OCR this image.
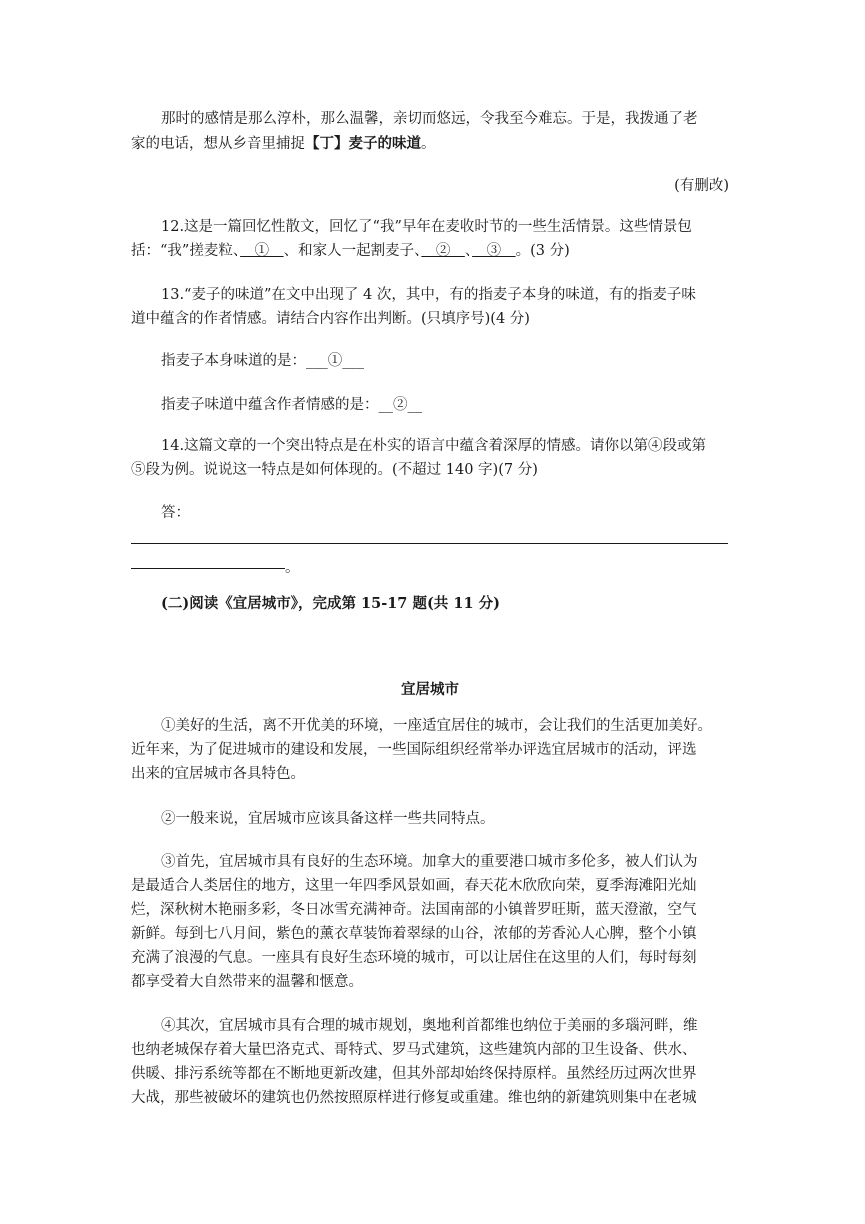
那时的感情是那么淳朴，那么温馨，亲切而悠远，令我至今难忘。于是，我拨通了老
家的电话，想从乡音里捕捉【丁】麦子的味道。
(有删改)
12.这是一篇回忆性散文，回忆了“我”早年在麦收时节的一些生活情景。这些情景包
括：“我”搓麦粒、　①　、和家人一起割麦子、　②　、　③　。(3 分)
13.“麦子的味道”在文中出现了 4 次，其中，有的指麦子本身的味道，有的指麦子味
道中蕴含的作者情感。请结合内容作出判断。(只填序号)(4 分)
指麦子本身味道的是：___①___
指麦子味道中蕴含作者情感的是：__②__
14.这篇文章的一个突出特点是在朴实的语言中蕴含着深厚的情感。请你以第④段或第
⑤段为例。说说这一特点是如何体现的。(不超过 140 字)(7 分)
答：
。
(二)阅读《宜居城市》，完成第 15-17 题(共 11 分)
宜居城市
①美好的生活，离不开优美的环境，一座适宜居住的城市，会让我们的生活更加美好。
近年来，为了促进城市的建设和发展，一些国际组织经常举办评选宜居城市的活动，评选
出来的宜居城市各具特色。
②一般来说，宜居城市应该具备这样一些共同特点。
③首先，宜居城市具有良好的生态环境。加拿大的重要港口城市多伦多，被人们认为
是最适合人类居住的地方，这里一年四季风景如画，春天花木欣欣向荣，夏季海滩阳光灿
烂，深秋树木艳丽多彩，冬日冰雪充满神奇。法国南部的小镇普罗旺斯，蓝天澄澈，空气
新鲜。每到七八月间，紫色的薰衣草装饰着翠绿的山谷，浓郁的芳香沁人心脾，整个小镇
充满了浪漫的气息。一座具有良好生态环境的城市，可以让居住在这里的人们，每时每刻
都享受着大自然带来的温馨和惬意。
④其次，宜居城市具有合理的城市规划，奥地利首都维也纳位于美丽的多瑙河畔，维
也纳老城保存着大量巴洛克式、哥特式、罗马式建筑，这些建筑内部的卫生设备、供水、
供暖、排污系统等都在不断地更新改建，但其外部却始终保持原样。虽然经历过两次世界
大战，那些被破坏的建筑也仍然按照原样进行修复或重建。维也纳的新建筑则集中在老城
